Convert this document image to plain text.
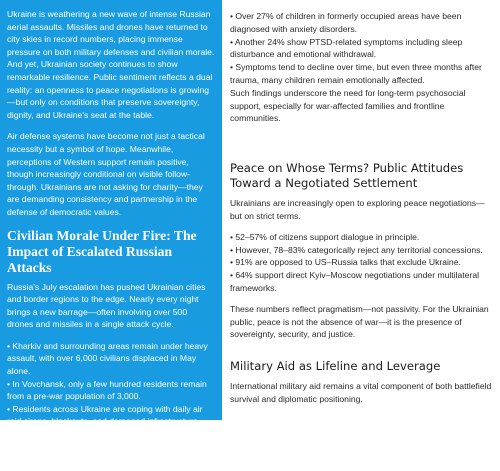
Ukraine is weathering a new wave of intense Russian aerial assaults. Missiles and drones have returned to city skies in record numbers, placing immense pressure on both military defenses and civilian morale. And yet, Ukrainian society continues to show remarkable resilience. Public sentiment reflects a dual reality: an openness to peace negotiations is growing—but only on conditions that preserve sovereignty, dignity, and Ukraine's seat at the table.

Air defense systems have become not just a tactical necessity but a symbol of hope. Meanwhile, perceptions of Western support remain positive, though increasingly conditional on visible follow-through. Ukrainians are not asking for charity—they are demanding consistency and partnership in the defense of democratic values.

Civilian Morale Under Fire: The Impact of Escalated Russian Attacks

Russia's July escalation has pushed Ukrainian cities and border regions to the edge. Nearly every night brings a new barrage—often involving over 500 drones and missiles in a single attack cycle.

• Kharkiv and surrounding areas remain under heavy assault, with over 6,000 civilians displaced in May alone.
• In Vovchansk, only a few hundred residents remain from a pre-war population of 3,000.
• Residents across Ukraine are coping with daily air raid sirens, blackouts, and damaged infrastructure.

Despite the exhaustion, communities continue to organize, support one another, and rebuild. The

• Over 27% of children in formerly occupied areas have been diagnosed with anxiety disorders.
• Another 24% show PTSD-related symptoms including sleep disturbance and emotional withdrawal.
• Symptoms tend to decline over time, but even three months after trauma, many children remain emotionally affected.

Such findings underscore the need for long-term psychosocial support, especially for war-affected families and frontline communities.

Peace on Whose Terms? Public Attitudes Toward a Negotiated Settlement

Ukrainians are increasingly open to exploring peace negotiations—but on strict terms.

• 52–57% of citizens support dialogue in principle.
• However, 78–83% categorically reject any territorial concessions.
• 91% are opposed to US–Russia talks that exclude Ukraine.
• 64% support direct Kyiv–Moscow negotiations under multilateral frameworks.

These numbers reflect pragmatism—not passivity. For the Ukrainian public, peace is not the absence of war—it is the presence of sovereignty, security, and justice.

Military Aid as Lifeline and Leverage

International military aid remains a vital component of both battlefield survival and diplomatic positioning.
